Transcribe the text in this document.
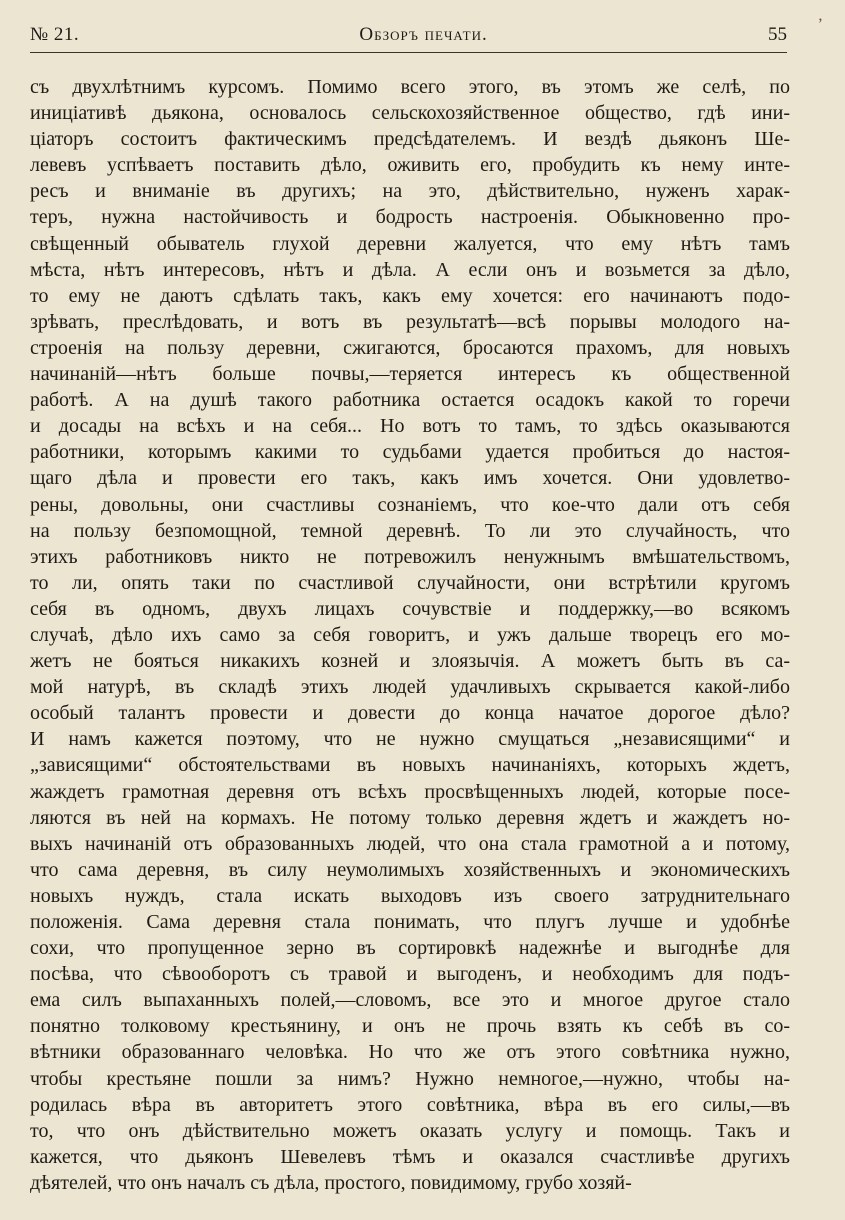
№ 21.	Обзоръ печати.	55 ʼ
съ двухлѣтнимъ курсомъ. Помимо всего этого, въ этомъ же селѣ, по
иниціативѣ дьякона, основалось сельскохозяйственное общество, гдѣ ини-
ціаторъ состоитъ фактическимъ предсѣдателемъ. И вездѣ дьяконъ Ше-
левевъ успѣваетъ поставить дѣло, оживить его, пробудить къ нему инте-
ресъ и вниманіе въ другихъ; на это, дѣйствительно, нуженъ харак-
теръ, нужна настойчивость и бодрость настроенія. Обыкновенно про-
свѣщенный обыватель глухой деревни жалуется, что ему нѣтъ тамъ
мѣста, нѣтъ интересовъ, нѣтъ и дѣла. А если онъ и возьмется за дѣло,
то ему не даютъ сдѣлать такъ, какъ ему хочется: его начинаютъ подо-
зрѣвать, преслѣдовать, и вотъ въ результатѣ—всѣ порывы молодого на-
строенія на пользу деревни, сжигаются, бросаются прахомъ, для новыхъ
начинаній—нѣтъ больше почвы,—теряется интересъ къ общественной
работѣ. А на душѣ такого работника остается осадокъ какой то горечи
и досады на всѣхъ и на себя... Но вотъ то тамъ, то здѣсь оказываются
работники, которымъ какими то судьбами удается пробиться до настоя-
щаго дѣла и провести его такъ, какъ имъ хочется. Они удовлетво-
рены, довольны, они счастливы сознаніемъ, что кое-что дали отъ себя
на пользу безпомощной, темной деревнѣ. То ли это случайность, что
этихъ работниковъ никто не потревожилъ ненужнымъ вмѣшательствомъ,
то ли, опять таки по счастливой случайности, они встрѣтили кругомъ
себя въ одномъ, двухъ лицахъ сочувствіе и поддержку,—во всякомъ
случаѣ, дѣло ихъ само за себя говоритъ, и ужъ дальше творецъ его мо-
жетъ не бояться никакихъ козней и злоязычія. А можетъ быть въ са-
мой натурѣ, въ складѣ этихъ людей удачливыхъ скрывается какой-либо
особый талантъ провести и довести до конца начатое дорогое дѣло?
И намъ кажется поэтому, что не нужно смущаться „независящими“ и
„зависящими“ обстоятельствами въ новыхъ начинаніяхъ, которыхъ ждетъ,
жаждетъ грамотная деревня отъ всѣхъ просвѣщенныхъ людей, которые посе-
ляются въ ней на кормахъ. Не потому только деревня ждетъ и жаждетъ но-
выхъ начинаній отъ образованныхъ людей, что она стала грамотной а и потому,
что сама деревня, въ силу неумолимыхъ хозяйственныхъ и экономическихъ
новыхъ нуждъ, стала искать выходовъ изъ своего затруднительнаго
положенія. Сама деревня стала понимать, что плугъ лучше и удобнѣе
сохи, что пропущенное зерно въ сортировкѣ надежнѣе и выгоднѣе для
посѣва, что сѣвооборотъ съ травой и выгоденъ, и необходимъ для подъ-
ема силъ выпаханныхъ полей,—словомъ, все это и многое другое стало
понятно толковому крестьянину, и онъ не прочь взять къ себѣ въ со-
вѣтники образованнаго человѣка. Но что же отъ этого совѣтника нужно,
чтобы крестьяне пошли за нимъ? Нужно немногое,—нужно, чтобы на-
родилась вѣра въ авторитетъ этого совѣтника, вѣра въ его силы,—въ
то, что онъ дѣйствительно можетъ оказать услугу и помощь. Такъ и
кажется, что дьяконъ Шевелевъ тѣмъ и оказался счастливѣе другихъ
дѣятелей, что онъ началъ съ дѣла, простого, повидимому, грубо хозяй-
